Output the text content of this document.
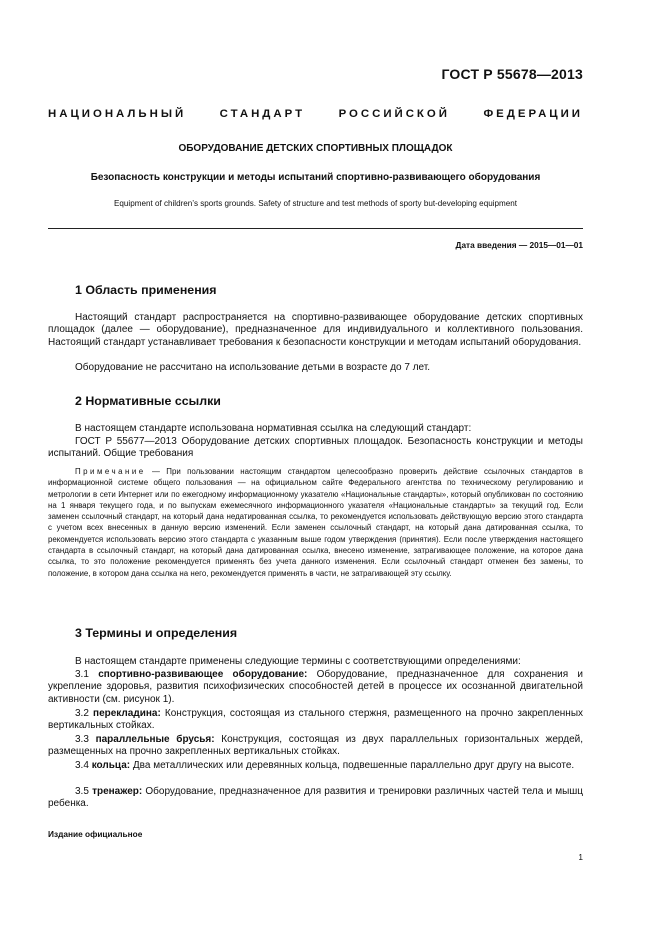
ГОСТ Р 55678—2013
НАЦИОНАЛЬНЫЙ СТАНДАРТ РОССИЙСКОЙ ФЕДЕРАЦИИ
ОБОРУДОВАНИЕ ДЕТСКИХ СПОРТИВНЫХ ПЛОЩАДОК
Безопасность конструкции и методы испытаний спортивно-развивающего оборудования
Equipment of children’s sports grounds. Safety of structure and test methods of sporty but-developing equipment
Дата введения — 2015—01—01
1 Область применения
Настоящий стандарт распространяется на спортивно-развивающее оборудование детских спортивных площадок (далее — оборудование), предназначенное для индивидуального и коллективного пользования. Настоящий стандарт устанавливает требования к безопасности конструкции и методам испытаний оборудования.
Оборудование не рассчитано на использование детьми в возрасте до 7 лет.
2 Нормативные ссылки
В настоящем стандарте использована нормативная ссылка на следующий стандарт:
ГОСТ Р 55677—2013 Оборудование детских спортивных площадок. Безопасность конструкции и методы испытаний. Общие требования
Примечание — При пользовании настоящим стандартом целесообразно проверить действие ссылочных стандартов в информационной системе общего пользования — на официальном сайте Федерального агентства по техническому регулированию и метрологии в сети Интернет или по ежегодному информационному указателю «Национальные стандарты», который опубликован по состоянию на 1 января текущего года, и по выпускам ежемесячного информационного указателя «Национальные стандарты» за текущий год. Если заменен ссылочный стандарт, на который дана недатированная ссылка, то рекомендуется использовать действующую версию этого стандарта с учетом всех внесенных в данную версию изменений. Если заменен ссылочный стандарт, на который дана датированная ссылка, то рекомендуется использовать версию этого стандарта с указанным выше годом утверждения (принятия). Если после утверждения настоящего стандарта в ссылочный стандарт, на который дана датированная ссылка, внесено изменение, затрагивающее положение, на которое дана ссылка, то это положение рекомендуется применять без учета данного изменения. Если ссылочный стандарт отменен без замены, то положение, в котором дана ссылка на него, рекомендуется применять в части, не затрагивающей эту ссылку.
3 Термины и определения
В настоящем стандарте применены следующие термины с соответствующими определениями:
3.1 спортивно-развивающее оборудование: Оборудование, предназначенное для сохранения и укрепление здоровья, развития психофизических способностей детей в процессе их осознанной двигательной активности (см. рисунок 1).
3.2 перекладина: Конструкция, состоящая из стального стержня, размещенного на прочно закрепленных вертикальных стойках.
3.3 параллельные брусья: Конструкция, состоящая из двух параллельных горизонтальных жердей, размещенных на прочно закрепленных вертикальных стойках.
3.4 кольца: Два металлических или деревянных кольца, подвешенные параллельно друг другу на высоте.
3.5 тренажер: Оборудование, предназначенное для развития и тренировки различных частей тела и мышц ребенка.
Издание официальное
1
